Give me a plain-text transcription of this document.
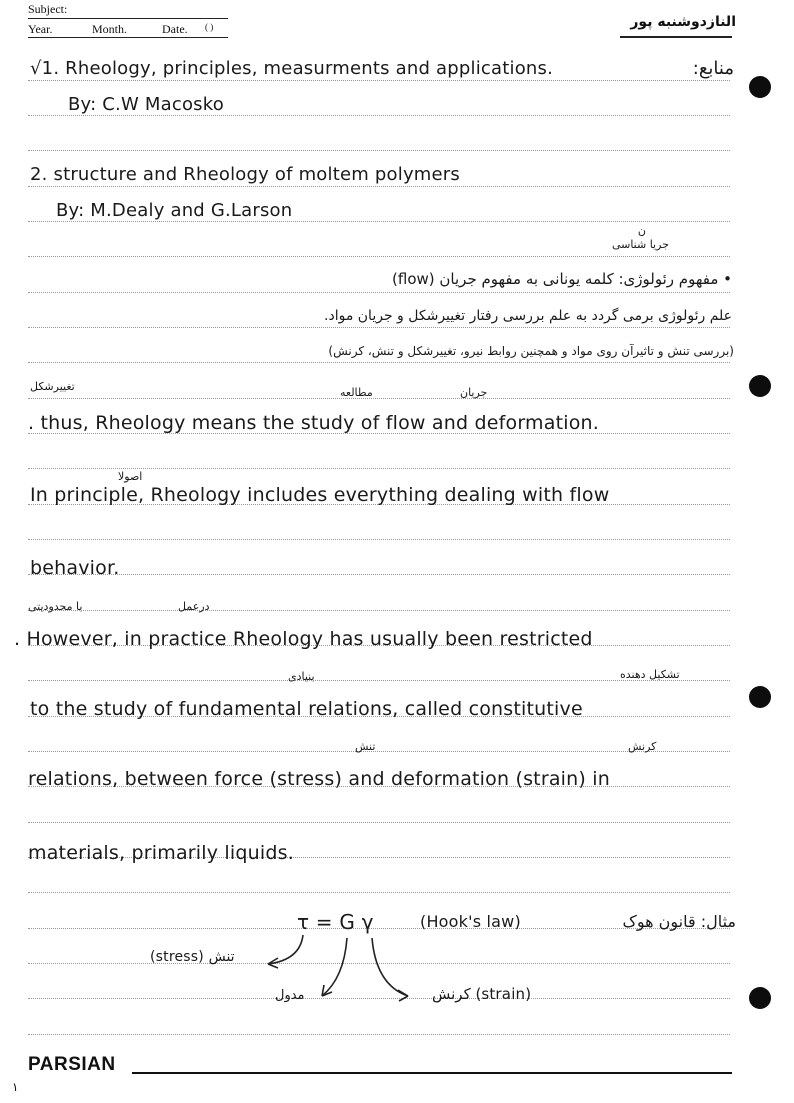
Subject:
Year.	Month.	Date. ( )	النازدوشنبه پور
منابع:
√1. Rheology, principles, measurments and applications.
By: C.W Macosko
2. structure and Rheology of moltem polymers
By: M.Dealy and G.Larson
جریا شناسی
ن
• مفهوم رئولوژی: کلمه یونانی به مفهوم جریان (flow)
علم رئولوژی برمی گردد به علم بررسی رفتار تغییرشکل و جریان مواد.
(بررسی تنش و تاثیرآن روی مواد و همچنین روابط نیرو، تغییرشکل و تنش، کرنش)
مطالعه	جریان
تغییرشکل
. thus, Rheology means the study of flow and deformation.
اصولا
In principle, Rheology includes everything dealing with flow
behavior.
با محدودیتی	درعمل
. However, in practice Rheology has usually been restricted
بنیادی	تشکیل دهنده
to the study of fundamental relations, called constitutive
تنش	کرنش
relations, between force (stress) and deformation (strain) in
materials, primarily liquids.
مثال: قانون هوک
τ = G γ	(Hook's law)
(stress) تنش
مدول	کرنش (strain)
PARSIAN
١
